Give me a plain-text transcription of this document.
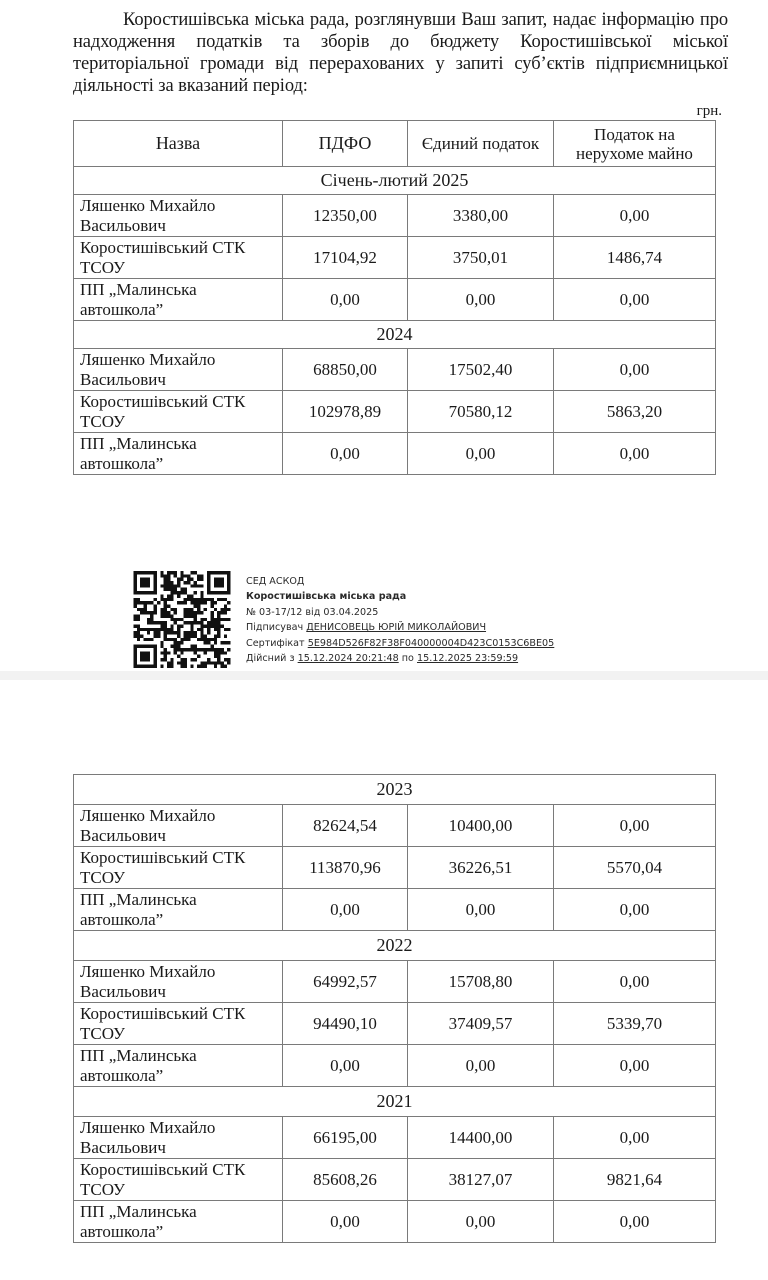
Коростишівська міська рада, розглянувши Ваш запит, надає інформацію про надходження податків та зборів до бюджету Коростишівської міської територіальної громади від перерахованих у запиті суб’єктів підприємницької діяльності за вказаний період:
грн.
Назва	ПДФО	Єдиний податок	Податок на нерухоме майно
Січень-лютий 2025			
Ляшенко Михайло Васильович	12350,00	3380,00	0,00
Коростишівський СТК ТСОУ	17104,92	3750,01	1486,74
ПП „Малинська автошкола”	0,00	0,00	0,00
2024			
Ляшенко Михайло Васильович	68850,00	17502,40	0,00
Коростишівський СТК ТСОУ	102978,89	70580,12	5863,20
ПП „Малинська автошкола”	0,00	0,00	0,00
СЕД АСКОД
Коростишівська міська рада
№ 03-17/12 від 03.04.2025
Підписувач ДЕНИСОВЕЦЬ ЮРІЙ МИКОЛАЙОВИЧ
Сертифікат 5E984D526F82F38F040000004D423C0153C6BE05
Дійсний з 15.12.2024 20:21:48 по 15.12.2025 23:59:59
2023			
Ляшенко Михайло Васильович	82624,54	10400,00	0,00
Коростишівський СТК ТСОУ	113870,96	36226,51	5570,04
ПП „Малинська автошкола”	0,00	0,00	0,00
2022			
Ляшенко Михайло Васильович	64992,57	15708,80	0,00
Коростишівський СТК ТСОУ	94490,10	37409,57	5339,70
ПП „Малинська автошкола”	0,00	0,00	0,00
2021			
Ляшенко Михайло Васильович	66195,00	14400,00	0,00
Коростишівський СТК ТСОУ	85608,26	38127,07	9821,64
ПП „Малинська автошкола”	0,00	0,00	0,00
